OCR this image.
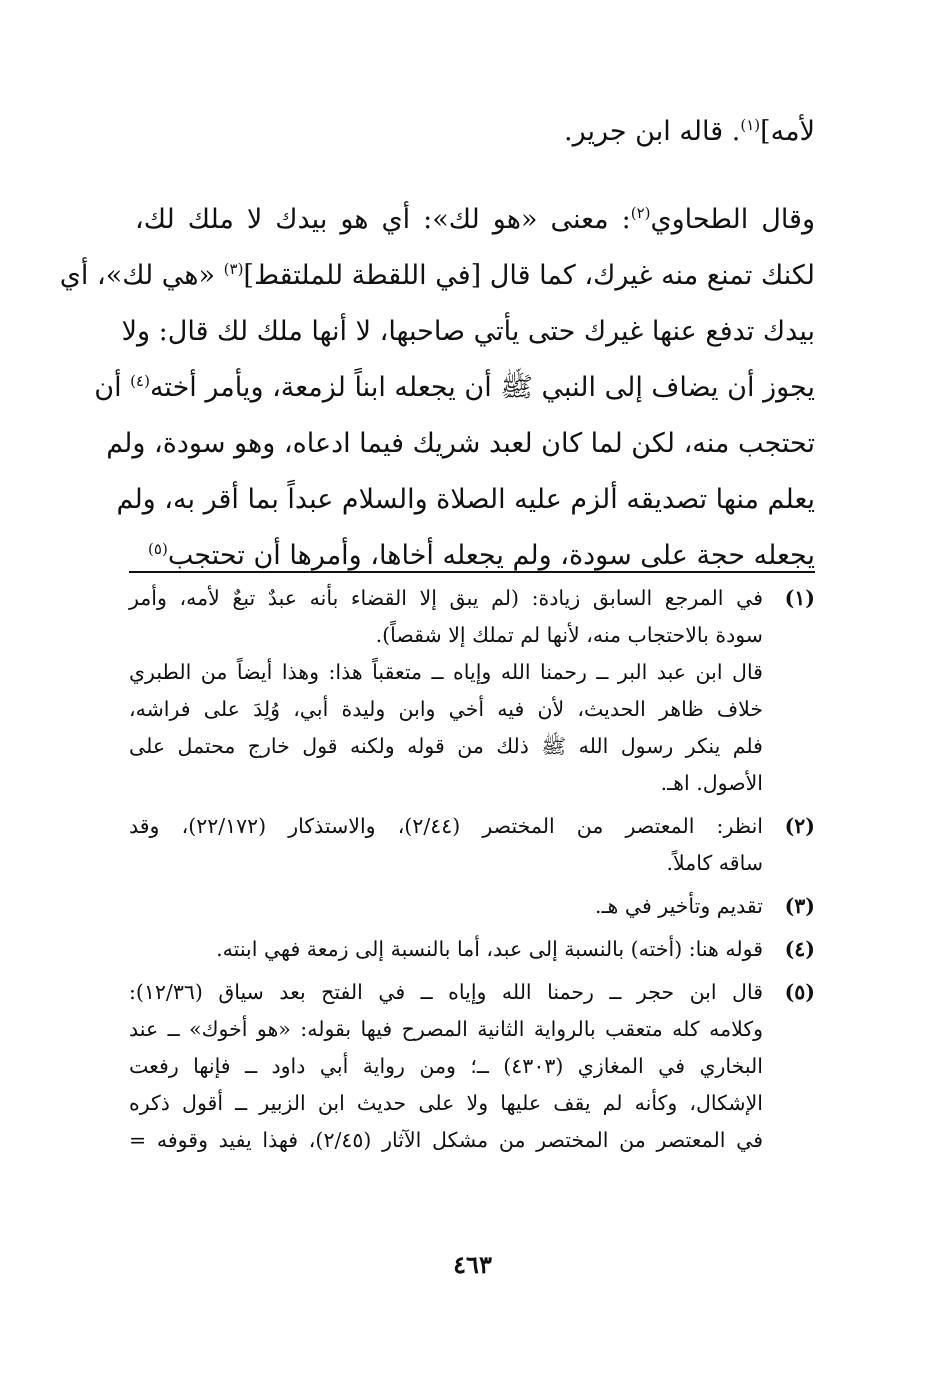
لأمه]$^{(١)}$. قاله ابن جرير.
وقال الطحاوي$^{(٢)}$: معنى «هو لك»: أي هو بيدك لا ملك لك،
لكنك تمنع منه غيرك، كما قال [في اللقطة للملتقط]$^{(٣)}$ «هي لك»، أي
بيدك تدفع عنها غيرك حتى يأتي صاحبها، لا أنها ملك لك قال: ولا
يجوز أن يضاف إلى النبي ﷺ أن يجعله ابناً لزمعة، ويأمر أخته$^{(٤)}$ أن
تحتجب منه، لكن لما كان لعبد شريك فيما ادعاه، وهو سودة، ولم
يعلم منها تصديقه ألزم عليه الصلاة والسلام عبداً بما أقر به، ولم
يجعله حجة على سودة، ولم يجعله أخاها، وأمرها أن تحتجب$^{(٥)}$
(١)
في المرجع السابق زيادة: (لم يبق إلا القضاء بأنه عبدٌ تبعٌ لأمه، وأمر
سودة بالاحتجاب منه، لأنها لم تملك إلا شقصاً).
قال ابن عبد البر ــ رحمنا الله وإياه ــ متعقباً هذا: وهذا أيضاً من الطبري
خلاف ظاهر الحديث، لأن فيه أخي وابن وليدة أبي، وُلِدَ على فراشه،
فلم ينكر رسول الله ﷺ ذلك من قوله ولكنه قول خارج محتمل على
الأصول. اهـ.
(٢)
انظر: المعتصر من المختصر (٢/٤٤)، والاستذكار (٢٢/١٧٢)، وقد
ساقه كاملاً.
(٣)
تقديم وتأخير في هـ.
(٤)
قوله هنا: (أخته) بالنسبة إلى عبد، أما بالنسبة إلى زمعة فهي ابنته.
(٥)
قال ابن حجر ــ رحمنا الله وإياه ــ في الفتح بعد سياق (١٢/٣٦):
وكلامه كله متعقب بالرواية الثانية المصرح فيها بقوله: «هو أخوك» ــ عند
البخاري في المغازي (٤٣٠٣) ــ؛ ومن رواية أبي داود ــ فإنها رفعت
الإشكال، وكأنه لم يقف عليها ولا على حديث ابن الزبير ــ أقول ذكره
في المعتصر من المختصر من مشكل الآثار (٢/٤٥)، فهذا يفيد وقوفه =
٤٦٣
